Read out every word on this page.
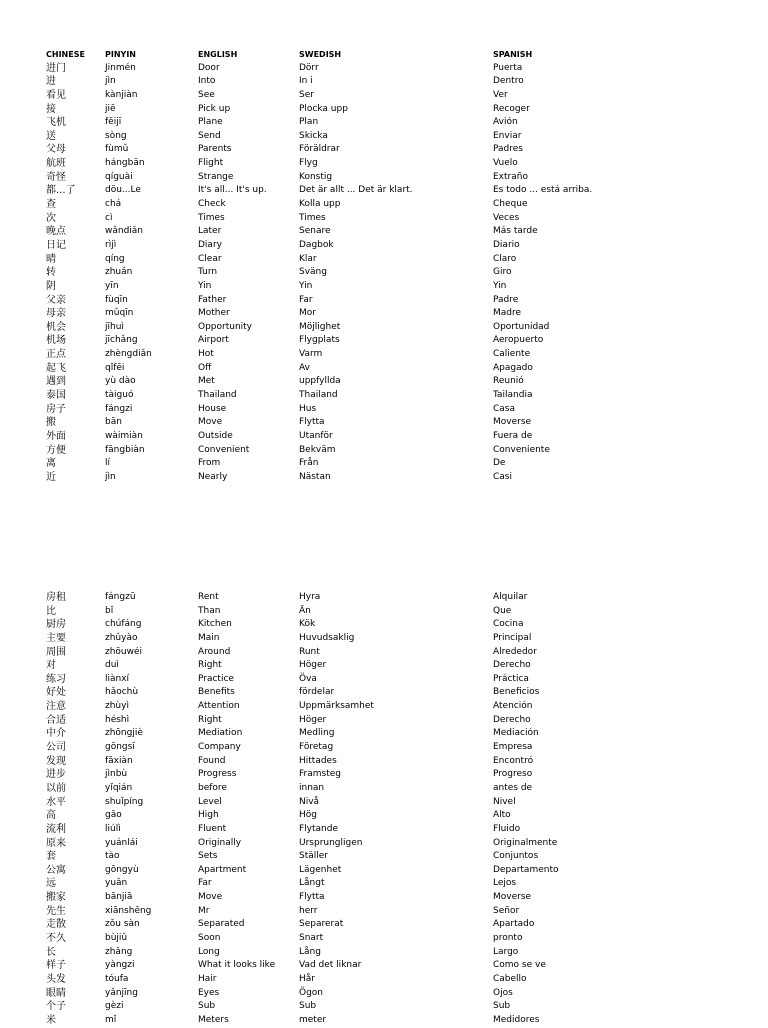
CHINESE	PINYIN	ENGLISH	SWEDISH	SPANISH
进门	Jinmén	Door	Dörr	Puerta
进	jìn	Into	In i	Dentro
看见	kànjiàn	See	Ser	Ver
接	jiē	Pick up	Plocka upp	Recoger
飞机	fēijī	Plane	Plan	Avión
送	sòng	Send	Skicka	Enviar
父母	fùmǔ	Parents	Föräldrar	Padres
航班	hángbān	Flight	Flyg	Vuelo
奇怪	qíguài	Strange	Konstig	Extraño
都...了	dōu...Le	It's all... It's up.	Det är allt ... Det är klart.	Es todo ... está arriba.
查	chá	Check	Kolla upp	Cheque
次	cì	Times	Times	Veces
晚点	wǎndiǎn	Later	Senare	Más tarde
日记	rìjì	Diary	Dagbok	Diario
晴	qíng	Clear	Klar	Claro
转	zhuǎn	Turn	Sväng	Giro
阴	yīn	Yin	Yin	Yin
父亲	fùqīn	Father	Far	Padre
母亲	mǔqīn	Mother	Mor	Madre
机会	jīhuì	Opportunity	Möjlighet	Oportunidad
机场	jīchǎng	Airport	Flygplats	Aeropuerto
正点	zhèngdiǎn	Hot	Varm	Caliente
起飞	qǐfēi	Off	Av	Apagado
遇到	yù dào	Met	uppfyllda	Reunió
泰国	tàiguó	Thailand	Thailand	Tailandia
房子	fángzi	House	Hus	Casa
搬	bān	Move	Flytta	Moverse
外面	wàimiàn	Outside	Utanför	Fuera de
方便	fāngbiàn	Convenient	Bekväm	Conveniente
离	lí	From	Från	De
近	jìn	Nearly	Nästan	Casi
房租	fángzū	Rent	Hyra	Alquilar
比	bǐ	Than	Än	Que
厨房	chúfáng	Kitchen	Kök	Cocina
主要	zhǔyào	Main	Huvudsaklig	Principal
周围	zhōuwéi	Around	Runt	Alrededor
对	duì	Right	Höger	Derecho
练习	liànxí	Practice	Öva	Práctica
好处	hǎochù	Benefits	fördelar	Beneficios
注意	zhùyì	Attention	Uppmärksamhet	Atención
合适	héshì	Right	Höger	Derecho
中介	zhōngjiè	Mediation	Medling	Mediación
公司	gōngsī	Company	Företag	Empresa
发现	fāxiàn	Found	Hittades	Encontró
进步	jìnbù	Progress	Framsteg	Progreso
以前	yǐqián	before	innan	antes de
水平	shuǐpíng	Level	Nivå	Nivel
高	gāo	High	Hög	Alto
流利	liúlì	Fluent	Flytande	Fluido
原来	yuánlái	Originally	Ursprungligen	Originalmente
套	tào	Sets	Ställer	Conjuntos
公寓	gōngyù	Apartment	Lägenhet	Departamento
远	yuǎn	Far	Långt	Lejos
搬家	bānjiā	Move	Flytta	Moverse
先生	xiānshēng	Mr	herr	Señor
走散	zǒu sàn	Separated	Separerat	Apartado
不久	bùjiǔ	Soon	Snart	pronto
长	zhǎng	Long	Lång	Largo
样子	yàngzi	What it looks like	Vad det liknar	Como se ve
头发	tóufa	Hair	Hår	Cabello
眼睛	yǎnjīng	Eyes	Ögon	Ojos
个子	gèzi	Sub	Sub	Sub
米	mǐ	Meters	meter	Medidores
